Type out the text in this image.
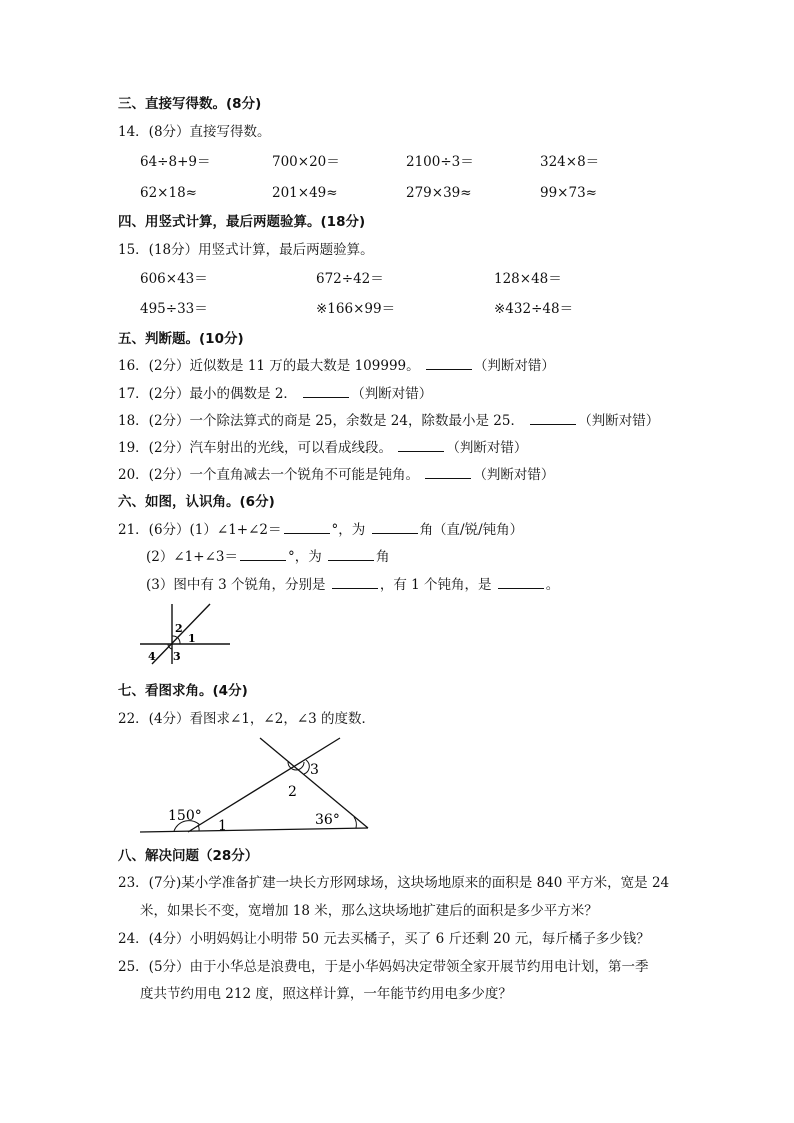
三、直接写得数。(8分)
14．(8分）直接写得数。
64÷8+9＝	700×20＝	2100÷3＝	324×8＝
62×18≈	201×49≈	279×39≈	99×73≈
四、用竖式计算，最后两题验算。(18分)
15．(18分）用竖式计算，最后两题验算。
606×43＝	672÷42＝	128×48＝
495÷33＝	※166×99＝	※432÷48＝
五、判断题。(10分)
16．(2分）近似数是 11 万的最大数是 109999。	（判断对错）
17．(2分）最小的偶数是 2．	（判断对错）
18．(2分）一个除法算式的商是 25，余数是 24，除数最小是 25．	（判断对错）
19．(2分）汽车射出的光线，可以看成线段。	（判断对错）
20．(2分）一个直角减去一个锐角不可能是钝角。	（判断对错）
六、如图，认识角。(6分)
21．(6分）(1）∠1+∠2＝	°，为	角（直/锐/钝角）
(2）∠1+∠3＝	°，为	角
(3）图中有 3 个锐角，分别是	，有 1 个钝角，是	。
2
1
4 3
七、看图求角。(4分)
22．(4分）看图求∠1，∠2，∠3 的度数．
150°
1	36°
2
3
八、解决问题（28分）
23．(7分)某小学准备扩建一块长方形网球场，这块场地原来的面积是 840 平方米，宽是 24
米，如果长不变，宽增加 18 米，那么这块场地扩建后的面积是多少平方米？
24．(4分）小明妈妈让小明带 50 元去买橘子，买了 6 斤还剩 20 元，每斤橘子多少钱？
25．(5分）由于小华总是浪费电，于是小华妈妈决定带领全家开展节约用电计划，第一季
度共节约用电 212 度，照这样计算，一年能节约用电多少度？
